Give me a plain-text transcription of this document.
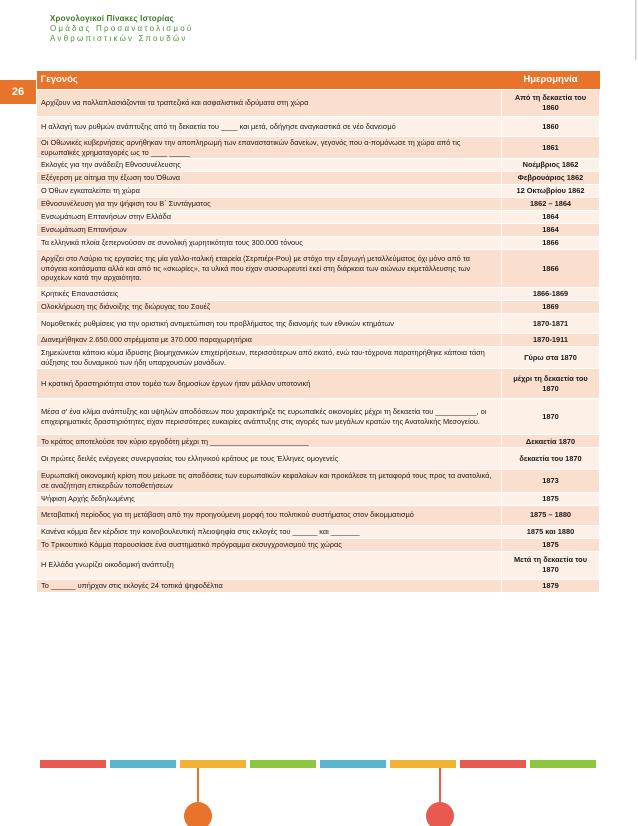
Χρονολογικοί Πίνακες Ιστορίας
Ομάδας Προσανατολισμού
Ανθρωπιστικών Σπουδών
26
Γεγονός	Ημερομηνία
Αρχίζουν να πολλαπλασιάζονται τα τραπεζικά και ασφαλιστικά ιδρύματα στη χώρα	Από τη δεκαετία του 1860
Η αλλαγή των ρυθμών ανάπτυξης από τη δεκαετία του ____ και μετά, οδήγησε αναγκαστικά σε νέο δανεισμό	1860
Οι Οθωνικές κυβερνήσεις αρνήθηκαν την αποπληρωμή των επαναστατικών δανείων, γεγονός που α-πομόνωσε τη χώρα από τις ευρωπαϊκές χρηματαγορές ως το ____ _____	1861
Εκλογές για την ανάδειξη Εθνοσυνέλευσης	Νοέμβριος 1862
Εξέγερση με αίτημα την έξωση του Όθωνα	Φεβρουάριος 1862
Ο Όθων εγκαταλείπει τη χώρα	12 Οκτωβρίου 1862
Εθνοσυνέλευση για την ψήφιση του Β΄ Συντάγματος	1862 – 1864
Ενσωμάτωση Επτανήσων στην Ελλάδα	1864
Ενσωμάτωση Επτανήσων	1864
Τα ελληνικά πλοία ξεπερνούσαν σε συνολική χωρητικότητα τους 300.000 τόνους	1866
Αρχίζει στο Λαύριο τις εργασίες της μία γαλλο-ιταλική εταιρεία (Σερπιέρι-Ρου) με στόχο την εξαγωγή μεταλλεύματος όχι μόνο από τα υπόγεια κοιτάσματα αλλά και από τις «σκωρίες», τα υλικά που είχαν συσσωρευτεί εκεί στη διάρκεια των αιώνων εκμετάλλευσης των ορυχείων κατά την αρχαιότητα.	1866
Κρητικές Επαναστάσεις	1866-1869
Ολοκλήρωση της διάνοιξης της διώρυγας του Σουέζ	1869
Νομοθετικές ρυθμίσεις για την οριστική αντιμετώπιση του προβλήματος της διανομής των εθνικών κτημάτων	1870-1871
Διανεμήθηκαν 2.650.000 στρέμματα με 370.000 παραχωρητήρια	1870-1911
Σημειώνεται κάποιο κύμα ίδρυσης βιομηχανικών επιχειρήσεων, περισσότερων από εκατό, ενώ ταυ-τόχρονα παρατηρήθηκε κάποια τάση αύξησης του δυναμικού των ήδη υπαρχουσών μονάδων.	Γύρω στα 1870
Η κρατική δραστηριότητα στον τομέα των δημοσίων έργων ήταν μάλλον υποτονική	μέχρι τη δεκαετία του 1870
Μέσα σ' ένα κλίμα ανάπτυξης και υψηλών αποδόσεων που χαρακτήριζε τις ευρωπαϊκές οικονομίες μέχρι τη δεκαετία του __________, οι επιχειρηματικές δραστηριότητες είχαν περισσότερες ευκαιρίες ανάπτυξης στις αγορές των μεγάλων κρατών της Ανατολικής Μεσογείου.	1870
Το κράτος αποτελούσε τον κύριο εργοδότη μέχρι τη ________________________	Δεκαετία 1870
Οι πρώτες δειλές ενέργειες συνεργασίας του ελληνικού κράτους με τους Έλληνες ομογενείς	δεκαετία του 1870
Ευρωπαϊκή οικονομική κρίση που μείωσε τις αποδόσεις των ευρωπαϊκών κεφαλαίων και προκάλεσε τη μεταφορά τους προς τα ανατολικά, σε αναζήτηση επικερδών τοποθετήσεων	1873
Ψήφιση Αρχής δεδηλωμένης	1875
Μεταβατική περίοδος για τη μετάβαση από την προηγούμενη μορφή του πολιτικού συστήματος στον δικομματισμό	1875 – 1880
Κανένα κόμμα δεν κέρδισε την κοινοβουλευτική πλειοψηφία στις εκλογές του ______ και _______	1875 και 1880
Το Τρικουπικό Κόμμα παρουσίασε ένα συστηματικό πρόγραμμα εκσυγχρονισμού της χώρας	1875
Η Ελλάδα γνωρίζει οικοδομική ανάπτυξη	Μετά τη δεκαετία του 1870
Το ______ υπήρχαν στις εκλογές 24 τοπικά ψηφοδέλτια	1879
